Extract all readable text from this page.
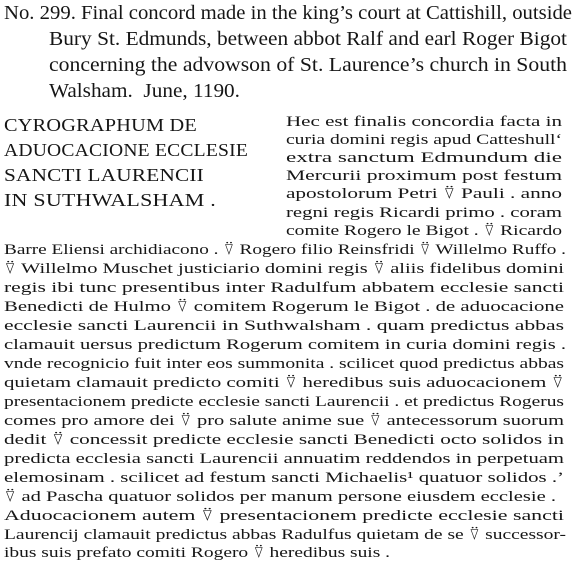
No. 299. Final concord made in the king’s court at Cattishill, outside
Bury St. Edmunds, between abbot Ralf and earl Roger Bigot
concerning the advowson of St. Laurence’s church in South
Walsham. June, 1190.
CYROGRAPHUM DE
ADUOCACIONE ECCLESIE
SANCTI LAURENCII
IN SUTHWALSHAM .
Hec est finalis concordia facta in
curia domini regis apud Catteshull‘
extra sanctum Edmundum die
Mercurii proximum post festum
apostolorum Petri ⍢ Pauli . anno
regni regis Ricardi primo . coram
comite Rogero le Bigot . ⍢ Ricardo
Barre Eliensi archidiacono . ⍢ Rogero filio Reinsfridi ⍢ Willelmo Ruffo .
⍢ Willelmo Muschet justiciario domini regis ⍢ aliis fidelibus domini
regis ibi tunc presentibus inter Radulfum abbatem ecclesie sancti
Benedicti de Hulmo ⍢ comitem Rogerum le Bigot . de aduocacione
ecclesie sancti Laurencii in Suthwalsham . quam predictus abbas
clamauit uersus predictum Rogerum comitem in curia domini regis .
vnde recognicio fuit inter eos summonita . scilicet quod predictus abbas
quietam clamauit predicto comiti ⍢ heredibus suis aduocacionem ⍢
presentacionem predicte ecclesie sancti Laurencii . et predictus Rogerus
comes pro amore dei ⍢ pro salute anime sue ⍢ antecessorum suorum
dedit ⍢ concessit predicte ecclesie sancti Benedicti octo solidos in
predicta ecclesia sancti Laurencii annuatim reddendos in perpetuam
elemosinam . scilicet ad festum sancti Michaelis¹ quatuor solidos .’
⍢ ad Pascha quatuor solidos per manum persone eiusdem ecclesie .
Aduocacionem autem ⍢ presentacionem predicte ecclesie sancti
Laurencij clamauit predictus abbas Radulfus quietam de se ⍢ successor-
ibus suis prefato comiti Rogero ⍢ heredibus suis .
